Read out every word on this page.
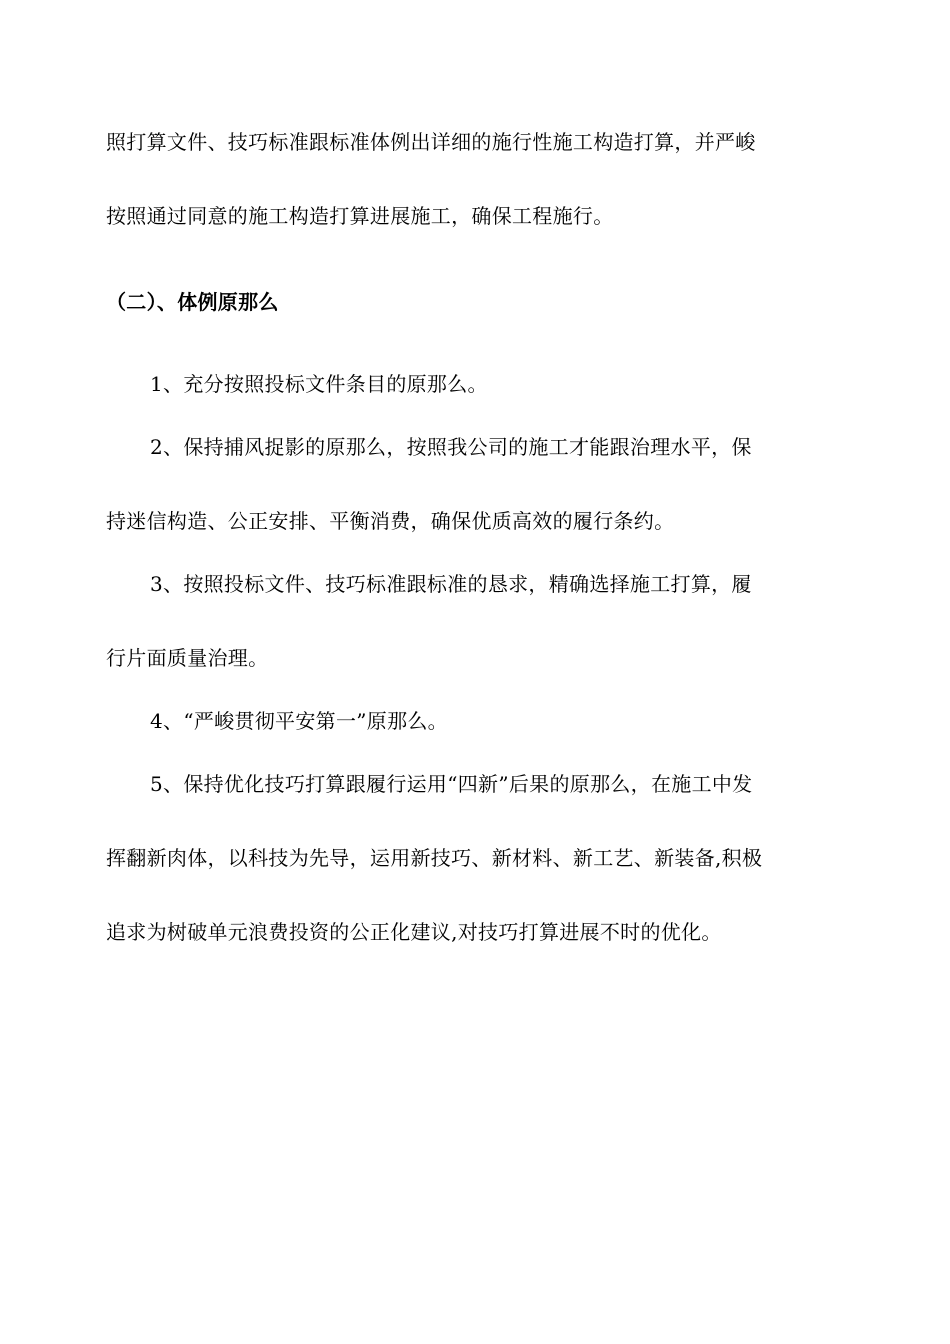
照打算文件、技巧标准跟标准体例出详细的施行性施工构造打算，并严峻
按照通过同意的施工构造打算进展施工，确保工程施行。
（二）、体例原那么
1、充分按照投标文件条目的原那么。
2、保持捕风捉影的原那么，按照我公司的施工才能跟治理水平，保
持迷信构造、公正安排、平衡消费，确保优质高效的履行条约。
3、按照投标文件、技巧标准跟标准的恳求，精确选择施工打算，履
行片面质量治理。
4、“严峻贯彻平安第一”原那么。
5、保持优化技巧打算跟履行运用“四新”后果的原那么，在施工中发
挥翻新肉体，以科技为先导，运用新技巧、新材料、新工艺、新装备,积极
追求为树破单元浪费投资的公正化建议,对技巧打算进展不时的优化。
